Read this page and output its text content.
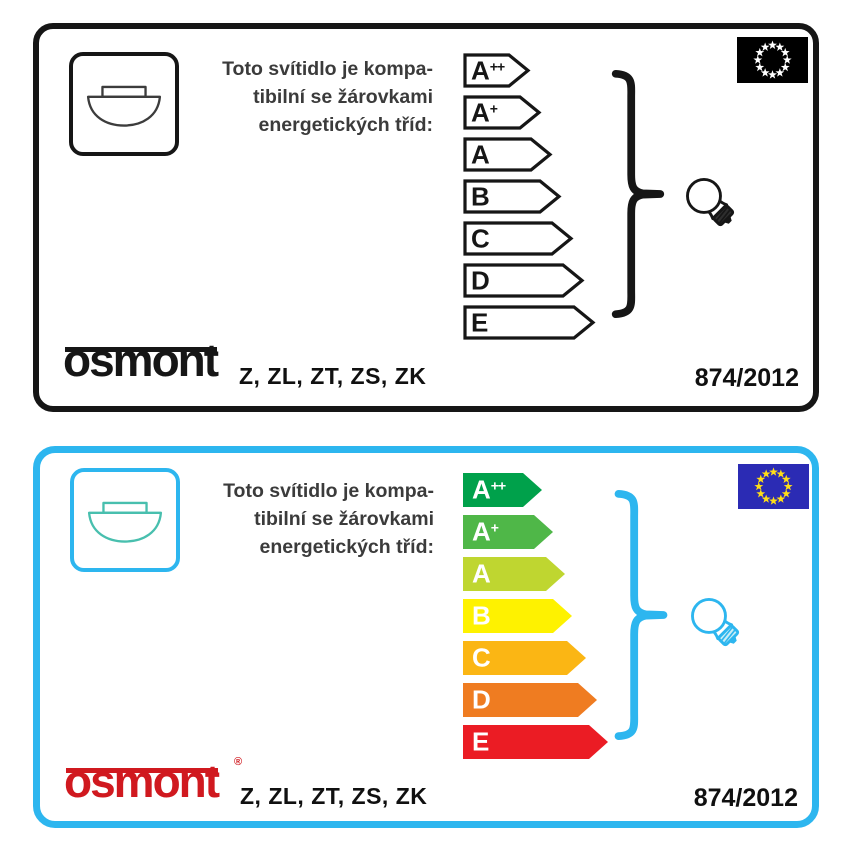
Toto svítidlo je kompa-
tibilní se žárovkami
energetických tříd:
A++
A+
A
B
C
D
E
osmont Z, ZL, ZT, ZS, ZK	874/2012
Toto svítidlo je kompa-
tibilní se žárovkami
energetických tříd:
A++
A+
A
B
C
D
E
osmont ®
Z, ZL, ZT, ZS, ZK	874/2012
